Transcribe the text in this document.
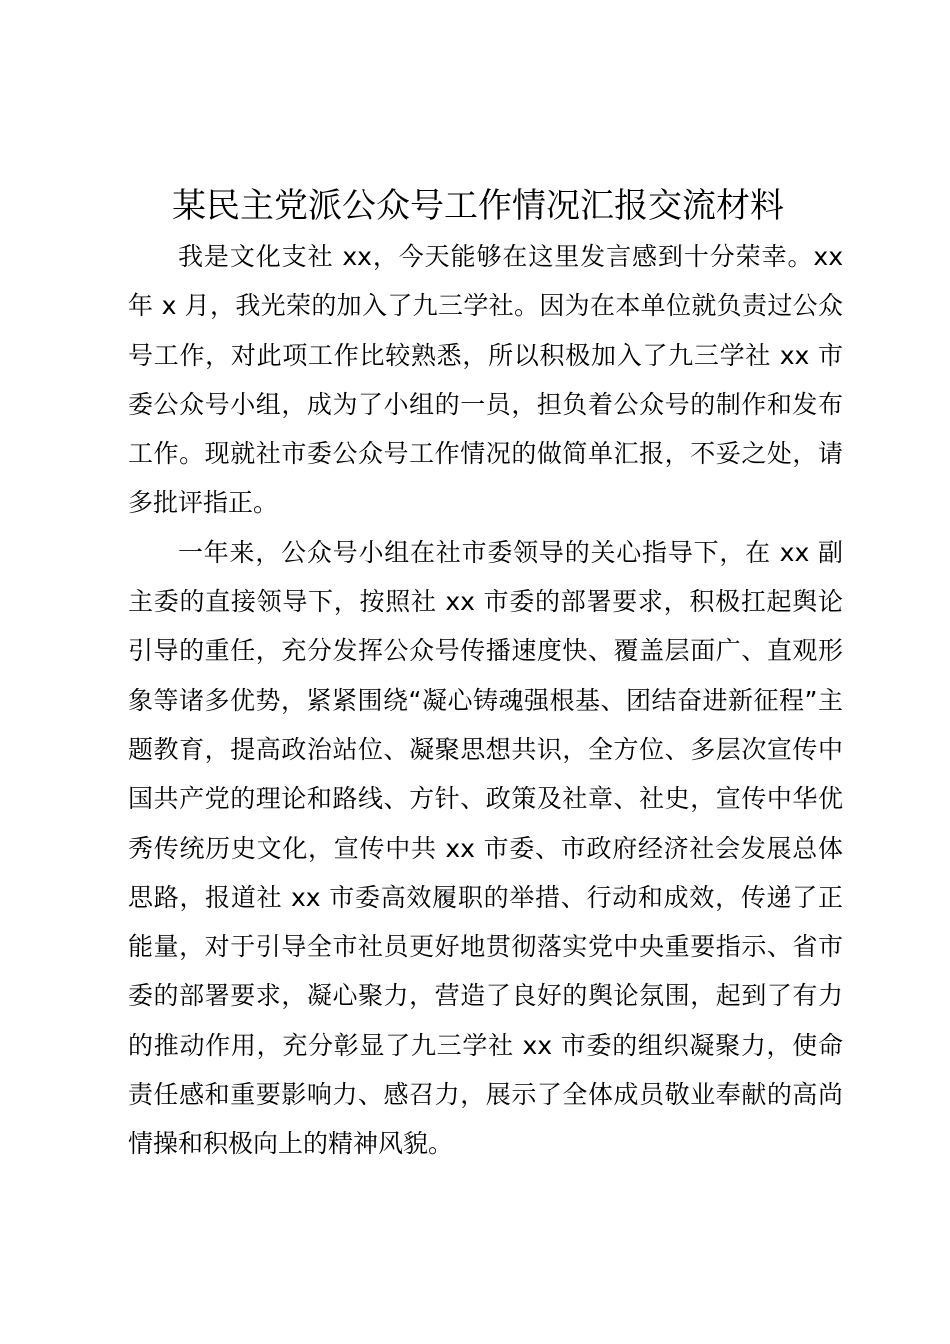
某民主党派公众号工作情况汇报交流材料

我是文化支社 xx，今天能够在这里发言感到十分荣幸。xx 年 x 月，我光荣的加入了九三学社。因为在本单位就负责过公众号工作，对此项工作比较熟悉，所以积极加入了九三学社 xx 市委公众号小组，成为了小组的一员，担负着公众号的制作和发布工作。现就社市委公众号工作情况的做简单汇报，不妥之处，请多批评指正。

一年来，公众号小组在社市委领导的关心指导下，在 xx 副主委的直接领导下，按照社 xx 市委的部署要求，积极扛起舆论引导的重任，充分发挥公众号传播速度快、覆盖层面广、直观形象等诸多优势，紧紧围绕“凝心铸魂强根基、团结奋进新征程”主题教育，提高政治站位、凝聚思想共识，全方位、多层次宣传中国共产党的理论和路线、方针、政策及社章、社史，宣传中华优秀传统历史文化，宣传中共 xx 市委、市政府经济社会发展总体思路，报道社 xx 市委高效履职的举措、行动和成效，传递了正能量，对于引导全市社员更好地贯彻落实党中央重要指示、省市委的部署要求，凝心聚力，营造了良好的舆论氛围，起到了有力的推动作用，充分彰显了九三学社 xx 市委的组织凝聚力，使命责任感和重要影响力、感召力，展示了全体成员敬业奉献的高尚情操和积极向上的精神风貌。
